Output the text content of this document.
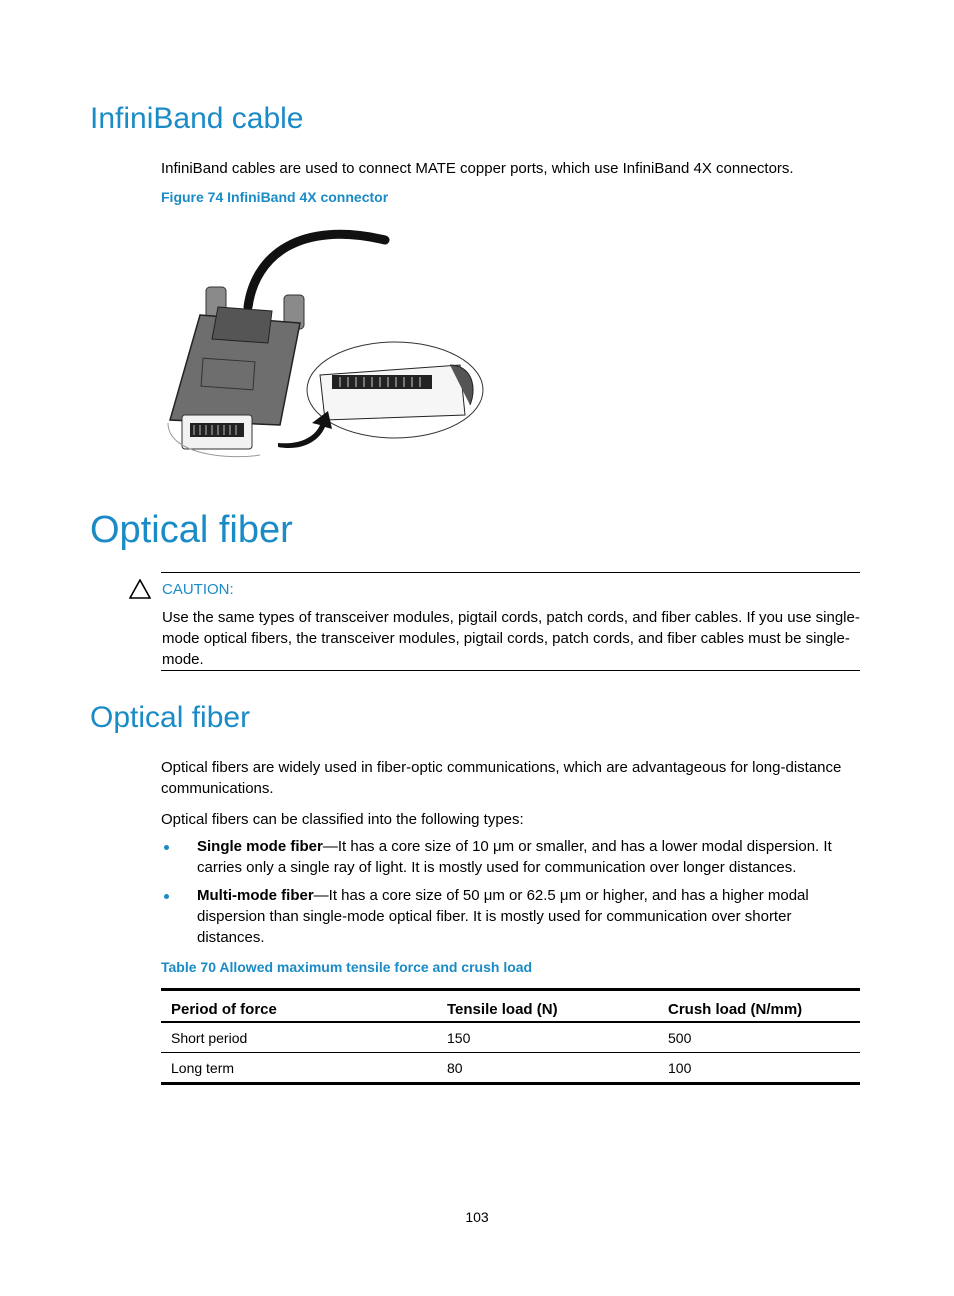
InfiniBand cable
InfiniBand cables are used to connect MATE copper ports, which use InfiniBand 4X connectors.
Figure 74 InfiniBand 4X connector
Optical fiber
CAUTION:
Use the same types of transceiver modules, pigtail cords, patch cords, and fiber cables. If you use single-mode optical fibers, the transceiver modules, pigtail cords, patch cords, and fiber cables must be single-mode.
Optical fiber
Optical fibers are widely used in fiber-optic communications, which are advantageous for long-distance communications.
Optical fibers can be classified into the following types:
Single mode fiber—It has a core size of 10 μm or smaller, and has a lower modal dispersion. It carries only a single ray of light. It is mostly used for communication over longer distances.
Multi-mode fiber—It has a core size of 50 μm or 62.5 μm or higher, and has a higher modal dispersion than single-mode optical fiber. It is mostly used for communication over shorter distances.
Table 70 Allowed maximum tensile force and crush load
Period of force	Tensile load (N)	Crush load (N/mm)
Short period	150	500
Long term	80	100
103
